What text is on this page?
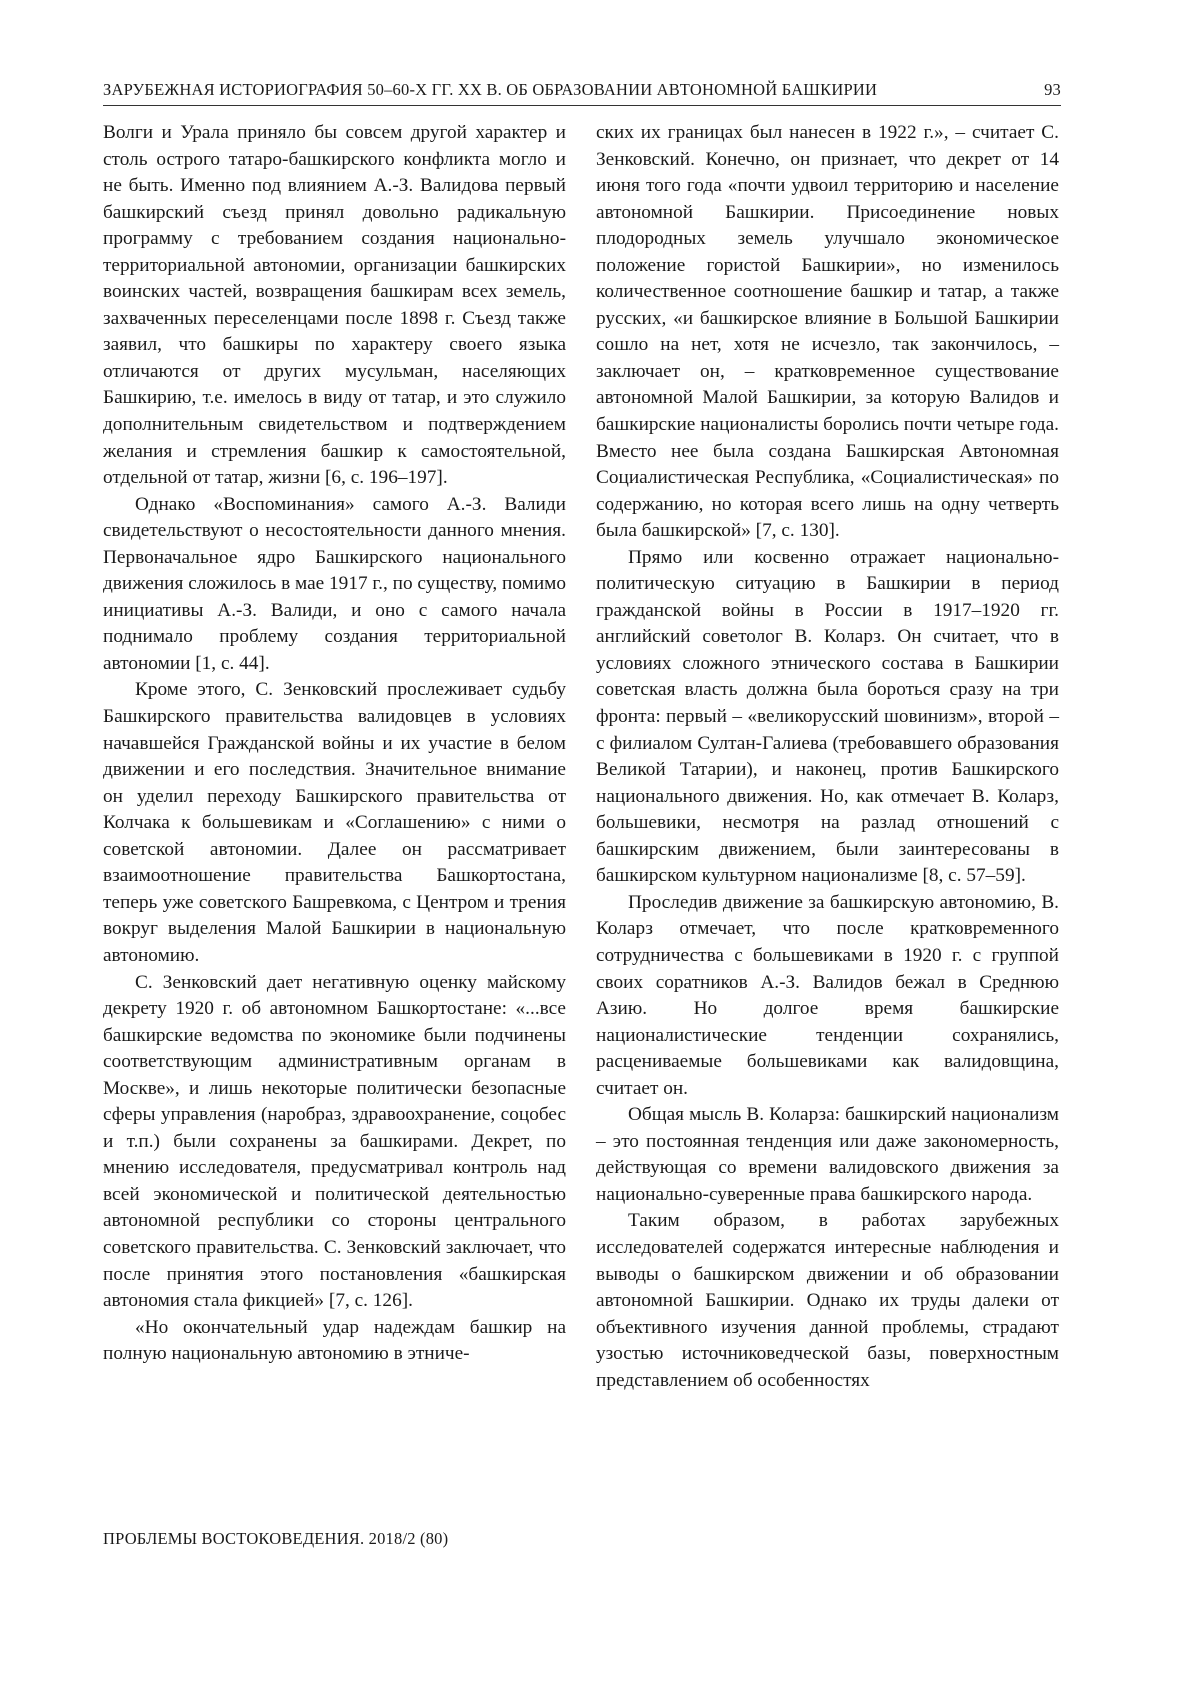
ЗАРУБЕЖНАЯ ИСТОРИОГРАФИЯ 50–60-Х ГГ. ХХ В. ОБ ОБРАЗОВАНИИ АВТОНОМНОЙ БАШКИРИИ	93

Волги и Урала приняло бы совсем другой характер и столь острого татаро-башкирского конфликта могло и не быть. Именно под влиянием А.-З. Валидова первый башкирский съезд принял довольно радикальную программу с требованием создания национально-территориальной автономии, организации башкирских воинских частей, возвращения башкирам всех земель, захваченных переселенцами после 1898 г. Съезд также заявил, что башкиры по характеру своего языка отличаются от других мусульман, населяющих Башкирию, т.е. имелось в виду от татар, и это служило дополнительным свидетельством и подтверждением желания и стремления башкир к самостоятельной, отдельной от татар, жизни [6, с. 196–197].

Однако «Воспоминания» самого А.-З. Валиди свидетельствуют о несостоятельности данного мнения. Первоначальное ядро Башкирского национального движения сложилось в мае 1917 г., по существу, помимо инициативы А.-З. Валиди, и оно с самого начала поднимало проблему создания территориальной автономии [1, с. 44].

Кроме этого, С. Зенковский прослеживает судьбу Башкирского правительства валидовцев в условиях начавшейся Гражданской войны и их участие в белом движении и его последствия. Значительное внимание он уделил переходу Башкирского правительства от Колчака к большевикам и «Соглашению» с ними о советской автономии. Далее он рассматривает взаимоотношение правительства Башкортостана, теперь уже советского Башревкома, с Центром и трения вокруг выделения Малой Башкирии в национальную автономию.

С. Зенковский дает негативную оценку майскому декрету 1920 г. об автономном Башкортостане: «...все башкирские ведомства по экономике были подчинены соответствующим административным органам в Москве», и лишь некоторые политически безопасные сферы управления (наробраз, здравоохранение, соцобес и т.п.) были сохранены за башкирами. Декрет, по мнению исследователя, предусматривал контроль над всей экономической и политической деятельностью автономной республики со стороны центрального советского правительства. С. Зенковский заключает, что после принятия этого постановления «башкирская автономия стала фикцией» [7, с. 126].

«Но окончательный удар надеждам башкир на полную национальную автономию в этниче-

ских их границах был нанесен в 1922 г.», – считает С. Зенковский. Конечно, он признает, что декрет от 14 июня того года «почти удвоил территорию и население автономной Башкирии. Присоединение новых плодородных земель улучшало экономическое положение гористой Башкирии», но изменилось количественное соотношение башкир и татар, а также русских, «и башкирское влияние в Большой Башкирии сошло на нет, хотя не исчезло, так закончилось, – заключает он, – кратковременное существование автономной Малой Башкирии, за которую Валидов и башкирские националисты боролись почти четыре года. Вместо нее была создана Башкирская Автономная Социалистическая Республика, «Социалистическая» по содержанию, но которая всего лишь на одну четверть была башкирской» [7, с. 130].

Прямо или косвенно отражает национально-политическую ситуацию в Башкирии в период гражданской войны в России в 1917–1920 гг. английский советолог В. Коларз. Он считает, что в условиях сложного этнического состава в Башкирии советская власть должна была бороться сразу на три фронта: первый – «великорусский шовинизм», второй – с филиалом Султан-Галиева (требовавшего образования Великой Татарии), и наконец, против Башкирского национального движения. Но, как отмечает В. Коларз, большевики, несмотря на разлад отношений с башкирским движением, были заинтересованы в башкирском культурном национализме [8, с. 57–59].

Проследив движение за башкирскую автономию, В. Коларз отмечает, что после кратковременного сотрудничества с большевиками в 1920 г. с группой своих соратников А.-З. Валидов бежал в Среднюю Азию. Но долгое время башкирские националистические тенденции сохранялись, расцениваемые большевиками как валидовщина, считает он.

Общая мысль В. Коларза: башкирский национализм – это постоянная тенденция или даже закономерность, действующая со времени валидовского движения за национально-суверенные права башкирского народа.

Таким образом, в работах зарубежных исследователей содержатся интересные наблюдения и выводы о башкирском движении и об образовании автономной Башкирии. Однако их труды далеки от объективного изучения данной проблемы, страдают узостью источниковедческой базы, поверхностным представлением об особенностях

ПРОБЛЕМЫ ВОСТОКОВЕДЕНИЯ. 2018/2 (80)
